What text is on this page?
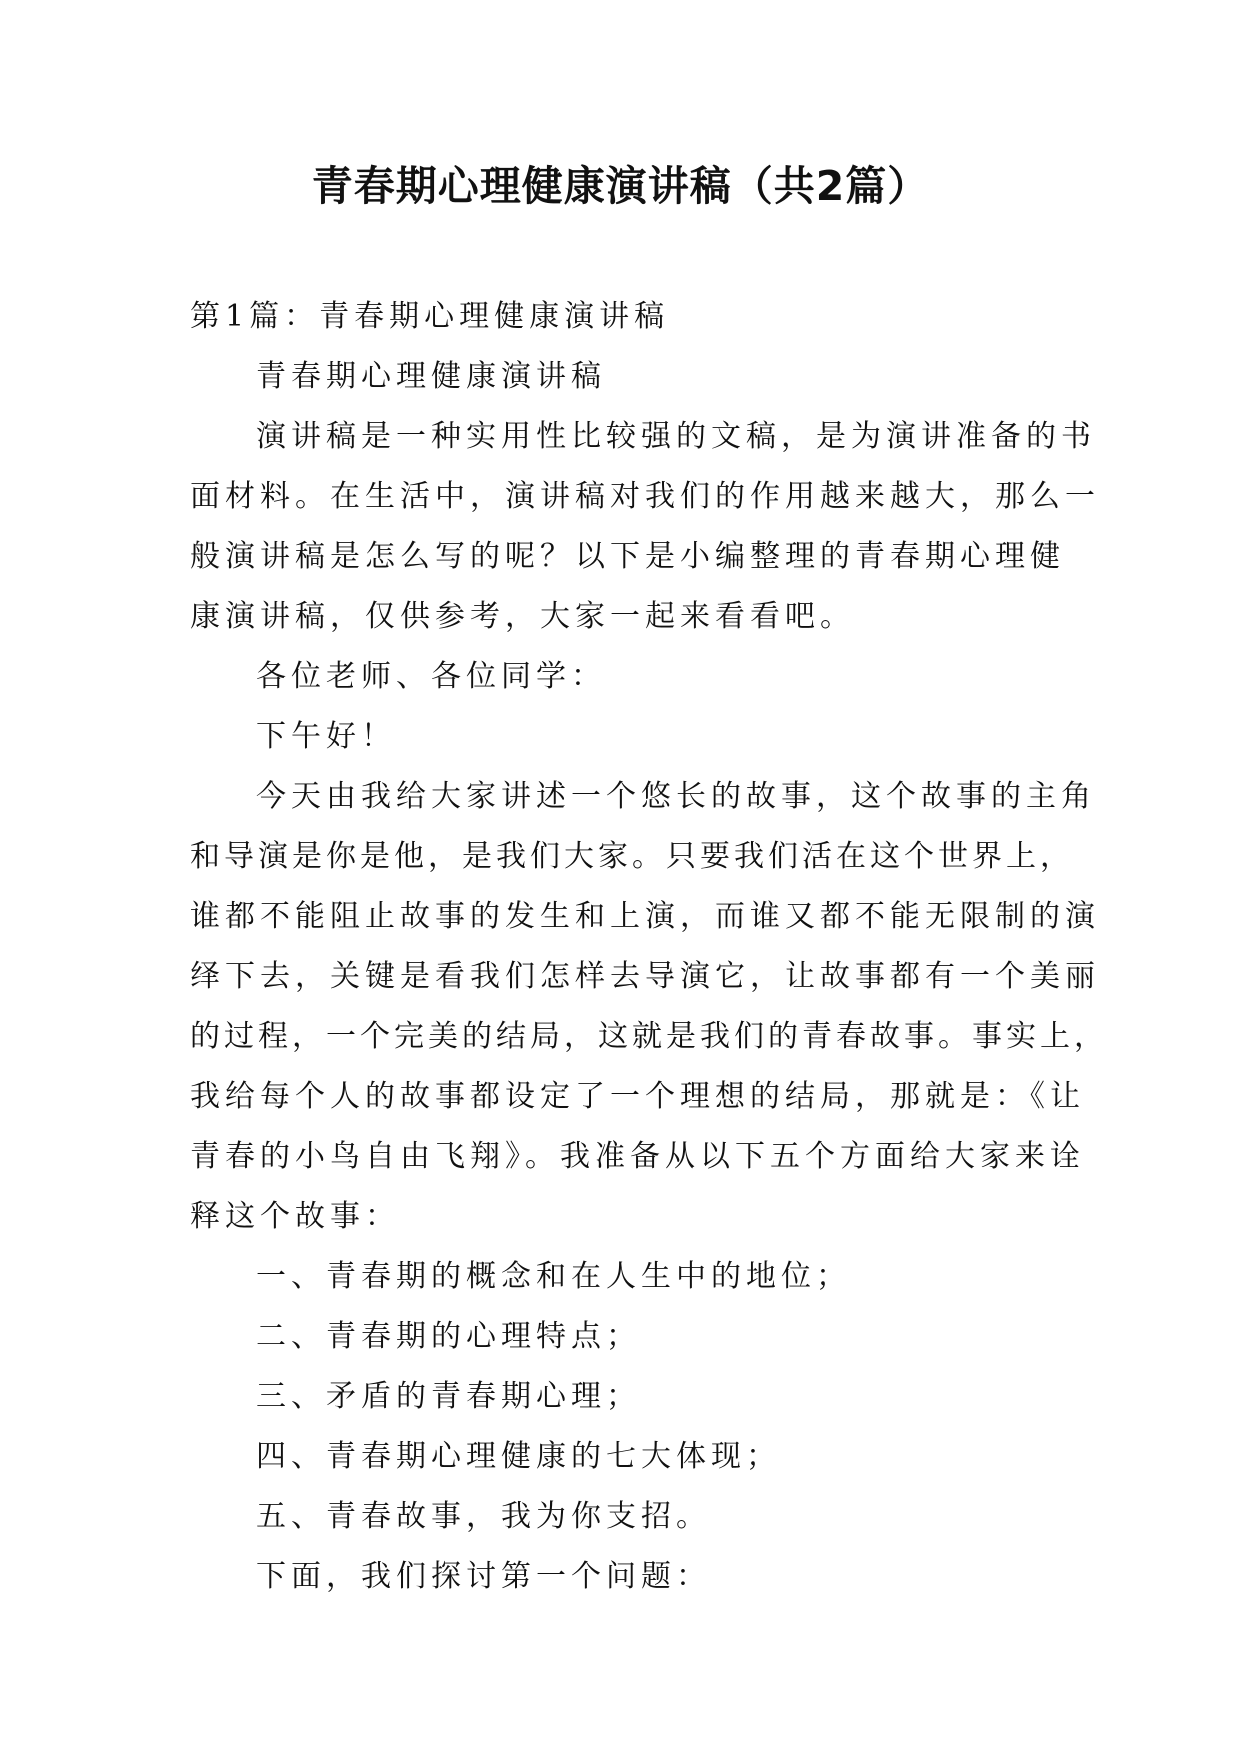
青春期心理健康演讲稿（共2篇）

第1篇：青春期心理健康演讲稿

青春期心理健康演讲稿

演讲稿是一种实用性比较强的文稿，是为演讲准备的书

面材料。在生活中，演讲稿对我们的作用越来越大，那么一

般演讲稿是怎么写的呢？以下是小编整理的青春期心理健

康演讲稿，仅供参考，大家一起来看看吧。

各位老师、各位同学：

下午好！

今天由我给大家讲述一个悠长的故事，这个故事的主角

和导演是你是他，是我们大家。只要我们活在这个世界上，

谁都不能阻止故事的发生和上演，而谁又都不能无限制的演

绎下去，关键是看我们怎样去导演它，让故事都有一个美丽

的过程，一个完美的结局，这就是我们的青春故事。事实上，

我给每个人的故事都设定了一个理想的结局，那就是：《让

青春的小鸟自由飞翔》。我准备从以下五个方面给大家来诠

释这个故事：

一、青春期的概念和在人生中的地位；

二、青春期的心理特点；

三、矛盾的青春期心理；

四、青春期心理健康的七大体现；

五、青春故事，我为你支招。

下面，我们探讨第一个问题：
